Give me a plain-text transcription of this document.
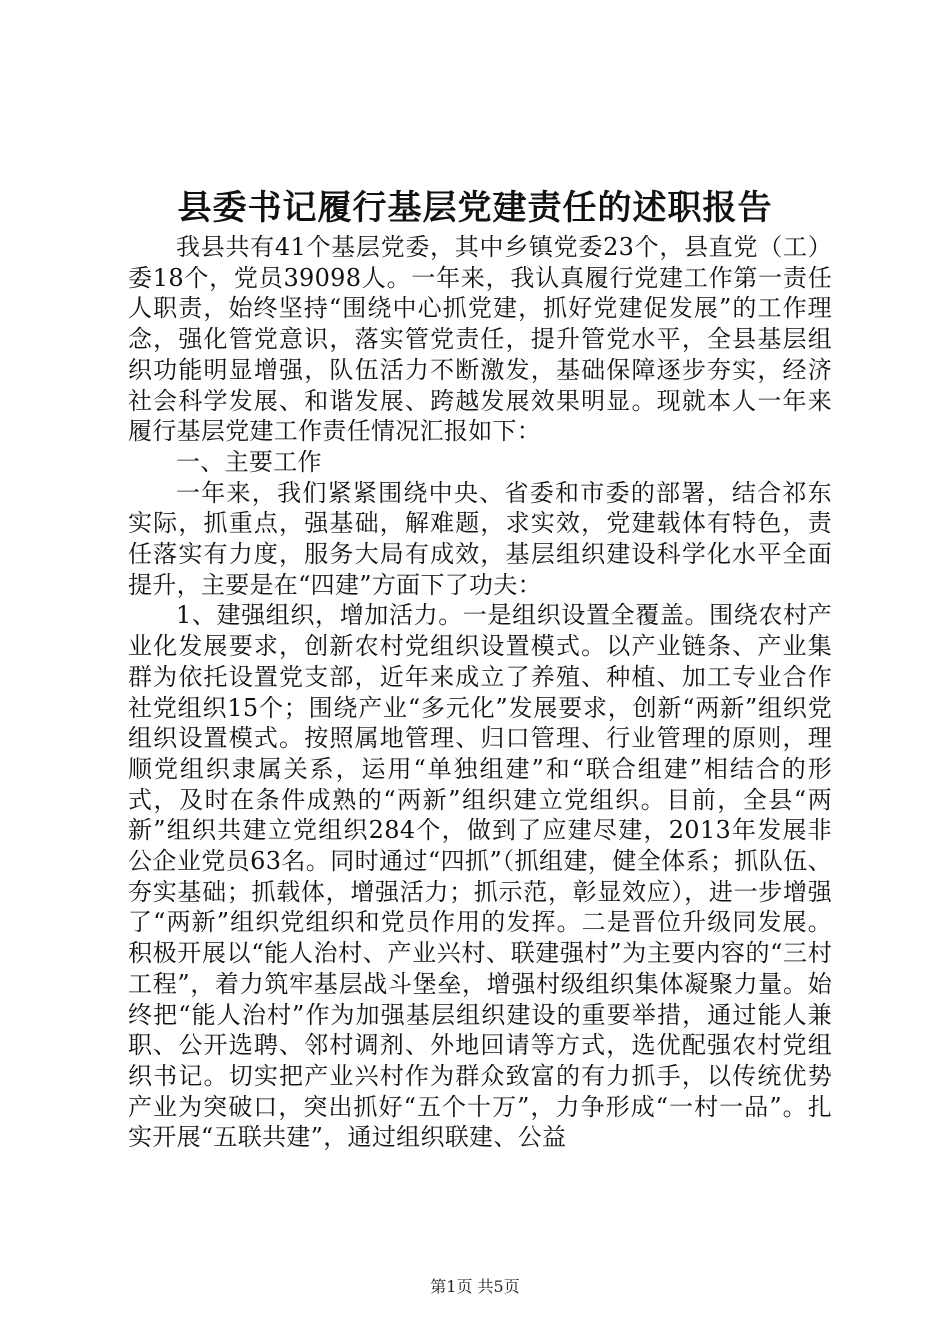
县委书记履行基层党建责任的述职报告

我县共有41个基层党委，其中乡镇党委23个，县直党（工）委18个，党员39098人。一年来，我认真履行党建工作第一责任人职责，始终坚持“围绕中心抓党建，抓好党建促发展”的工作理念，强化管党意识，落实管党责任，提升管党水平，全县基层组织功能明显增强，队伍活力不断激发，基础保障逐步夯实，经济社会科学发展、和谐发展、跨越发展效果明显。现就本人一年来履行基层党建工作责任情况汇报如下：

一、主要工作

一年来，我们紧紧围绕中央、省委和市委的部署，结合祁东实际，抓重点，强基础，解难题，求实效，党建载体有特色，责任落实有力度，服务大局有成效，基层组织建设科学化水平全面提升，主要是在“四建”方面下了功夫：

1、建强组织，增加活力。一是组织设置全覆盖。围绕农村产业化发展要求，创新农村党组织设置模式。以产业链条、产业集群为依托设置党支部，近年来成立了养殖、种植、加工专业合作社党组织15个；围绕产业“多元化”发展要求，创新“两新”组织党组织设置模式。按照属地管理、归口管理、行业管理的原则，理顺党组织隶属关系，运用“单独组建”和“联合组建”相结合的形式，及时在条件成熟的“两新”组织建立党组织。目前，全县“两新”组织共建立党组织284个，做到了应建尽建，2013年发展非公企业党员63名。同时通过“四抓”（抓组建，健全体系；抓队伍、夯实基础；抓载体，增强活力；抓示范，彰显效应），进一步增强了“两新”组织党组织和党员作用的发挥。二是晋位升级同发展。积极开展以“能人治村、产业兴村、联建强村”为主要内容的“三村工程”，着力筑牢基层战斗堡垒，增强村级组织集体凝聚力量。始终把“能人治村”作为加强基层组织建设的重要举措，通过能人兼职、公开选聘、邻村调剂、外地回请等方式，选优配强农村党组织书记。切实把产业兴村作为群众致富的有力抓手，以传统优势产业为突破口，突出抓好“五个十万”，力争形成“一村一品”。扎实开展“五联共建”，通过组织联建、公益

第1页 共5页
